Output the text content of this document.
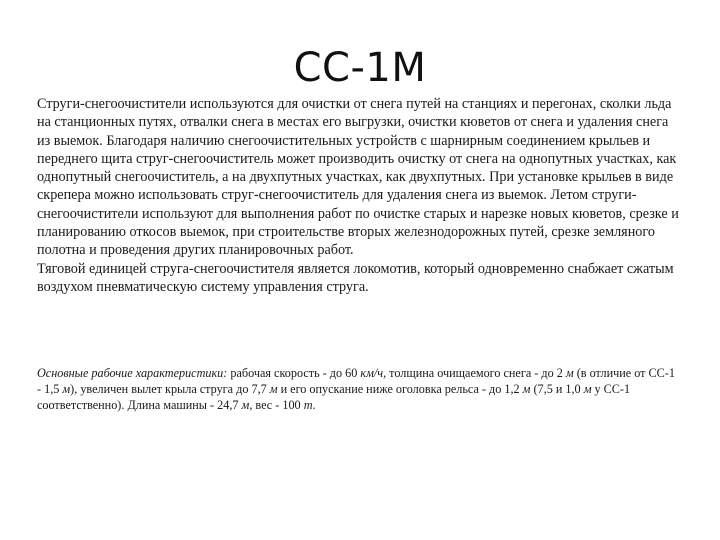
СС-1М

Струги-снегоочистители используются для очистки от снега путей на станциях и перегонах, сколки льда на станционных путях, отвалки снега в местах его выгрузки, очистки кюветов от снега и удаления снега из выемок. Благодаря наличию снегоочистительных устройств с шарнирным соединением крыльев и переднего щита струг-снегоочиститель может производить очистку от снега на однопутных участках, как однопутный снегоочиститель, а на двухпутных участках, как двухпутных. При установке крыльев в виде скрепера можно использовать струг-снегоочиститель для удаления снега из выемок. Летом струги-снегоочистители используют для выполнения работ по очистке старых и нарезке новых кюветов, срезке и планированию откосов выемок, при строительстве вторых железнодорожных путей, срезке земляного полотна и проведения других планировочных работ.

Тяговой единицей струга-снегоочистителя является локомотив, который одновременно снабжает сжатым воздухом пневматическую систему управления струга.

Основные рабочие характеристики: рабочая скорость - до 60 км/ч, толщина очищаемого снега - до 2 м (в отличие от СС-1 - 1,5 м), увеличен вылет крыла струга до 7,7 м и его опускание ниже оголовка рельса - до 1,2 м (7,5 и 1,0 м у СС-1 соответственно). Длина машины - 24,7 м, вес - 100 т.
